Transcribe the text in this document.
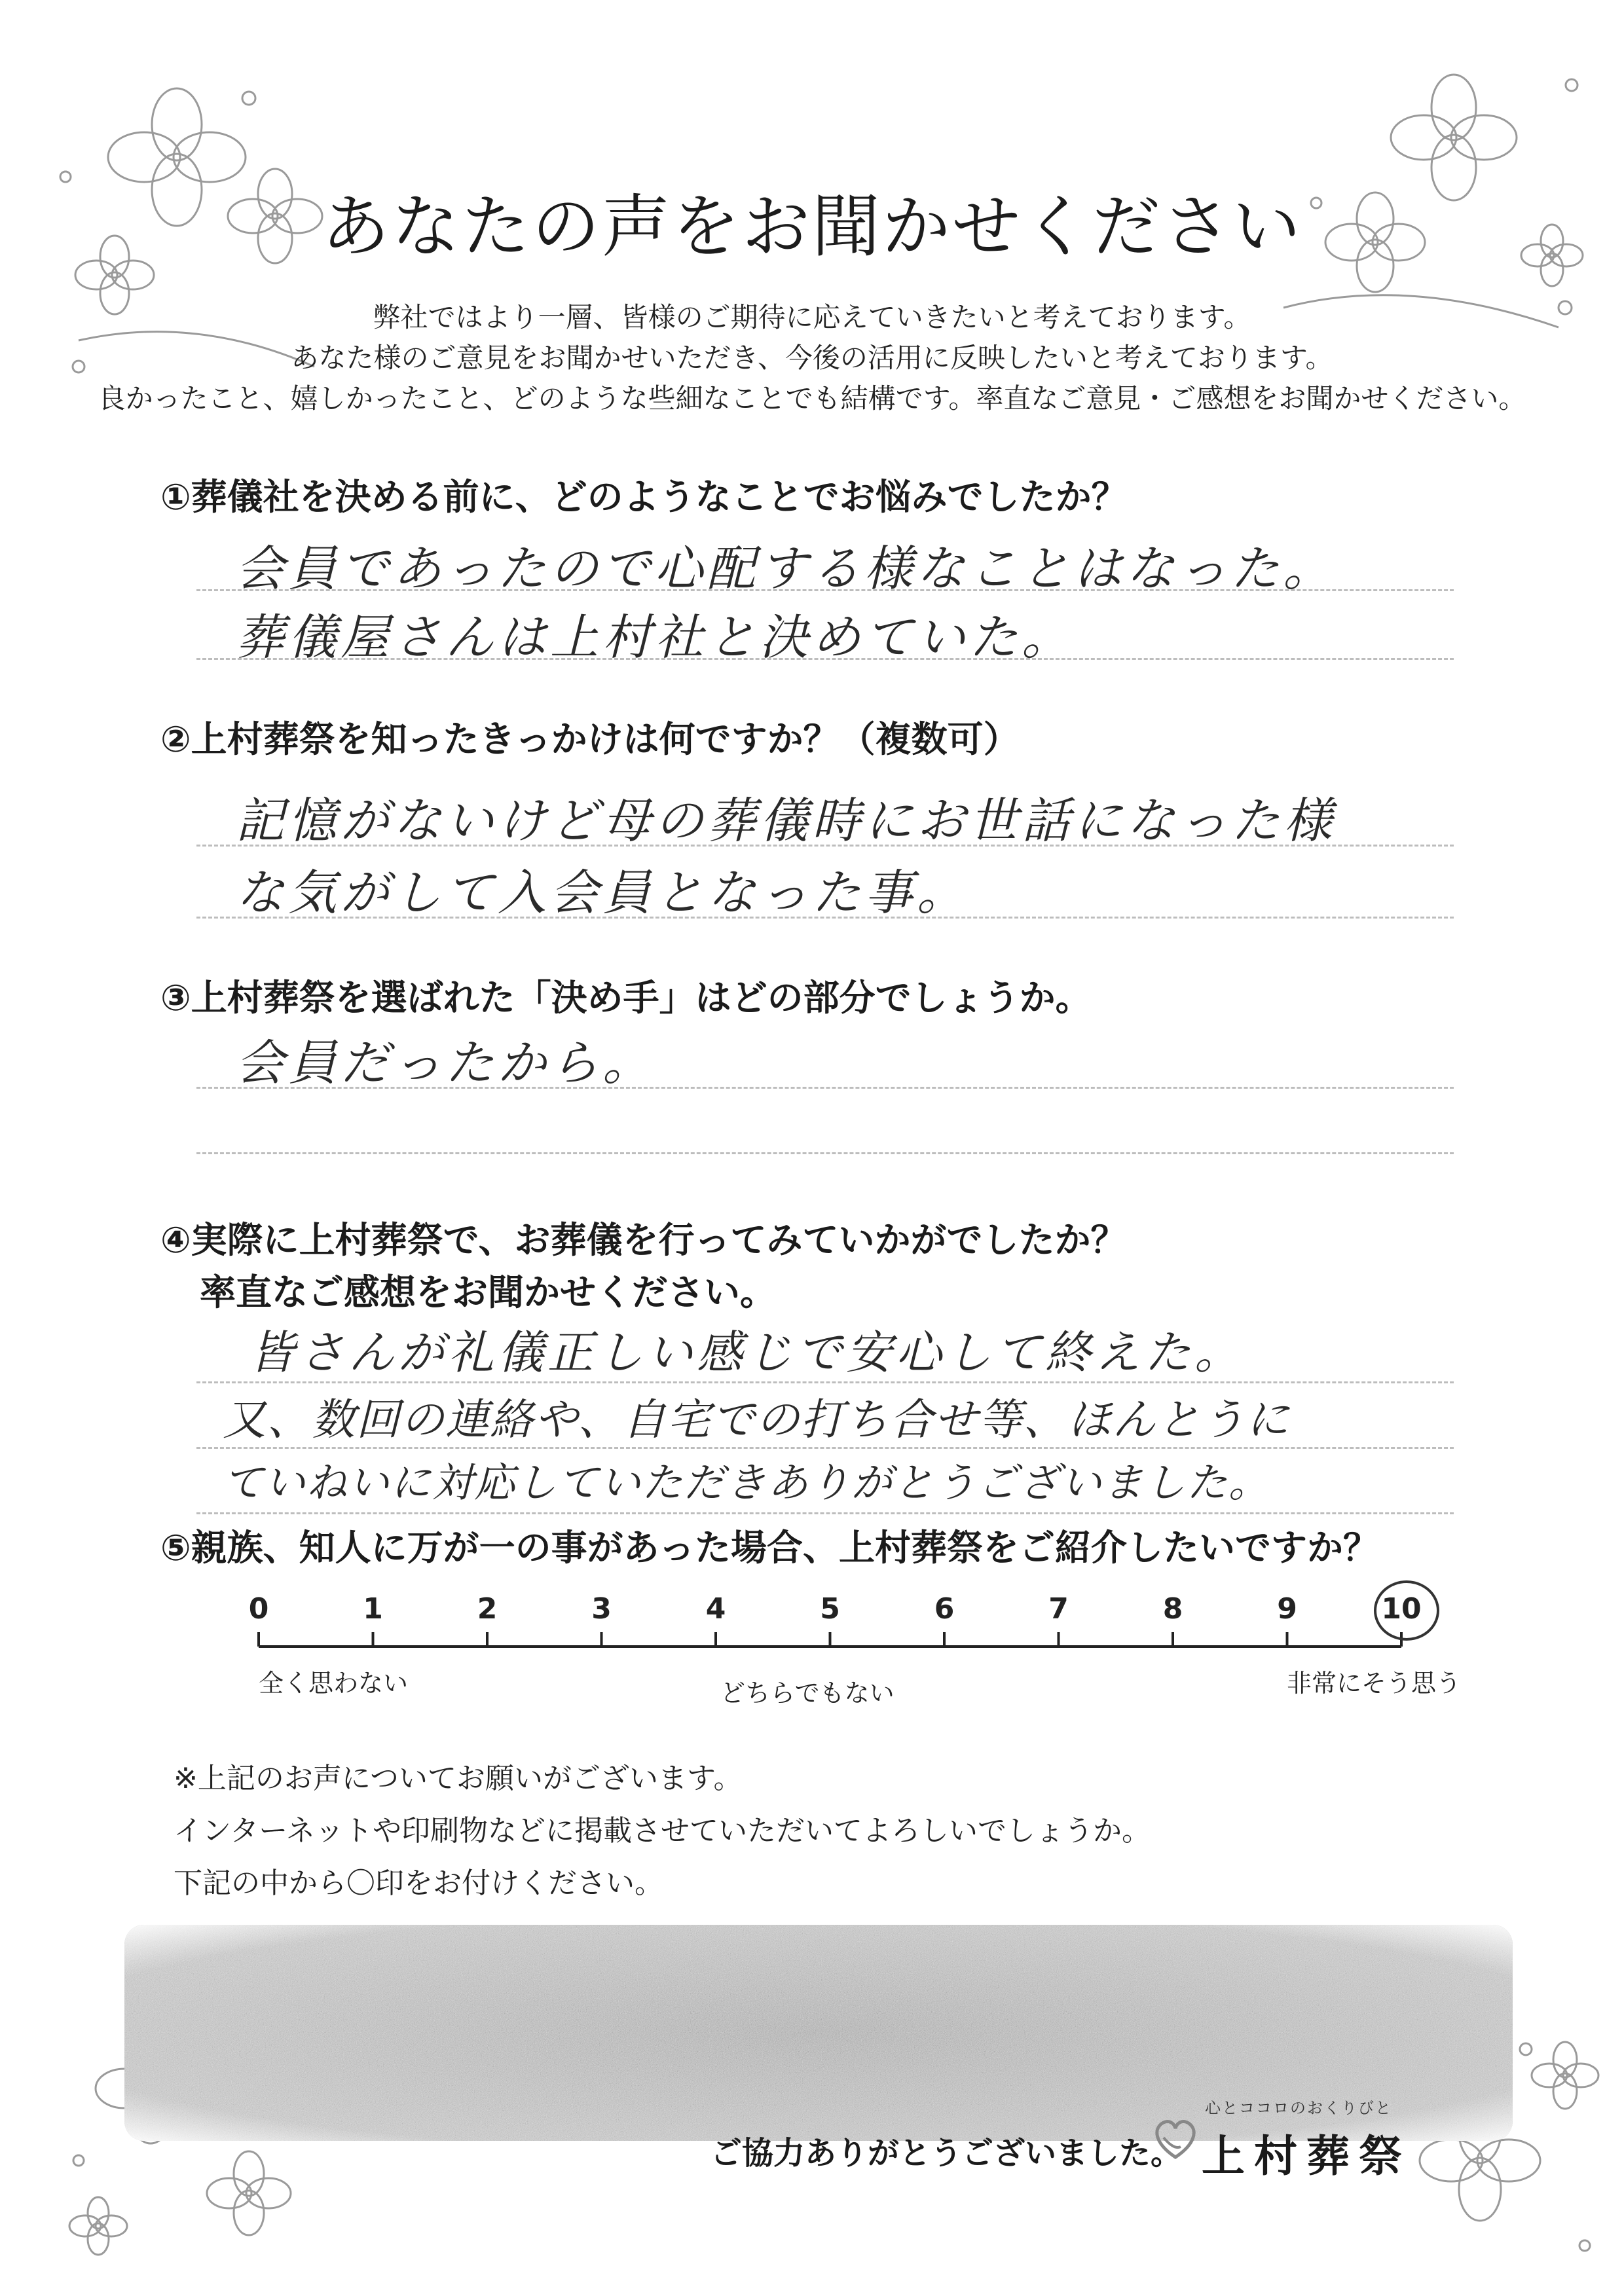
あなたの声をお聞かせください
弊社ではより一層、皆様のご期待に応えていきたいと考えております。
あなた様のご意見をお聞かせいただき、今後の活用に反映したいと考えております。
良かったこと、嬉しかったこと、どのような些細なことでも結構です。率直なご意見・ご感想をお聞かせください。
①葬儀社を決める前に、どのようなことでお悩みでしたか？
会員であったので心配する様なことはなった。
葬儀屋さんは上村社と決めていた。
②上村葬祭を知ったきっかけは何ですか？（複数可）
記憶がないけど母の葬儀時にお世話になった様
な気がして入会員となった事。
③上村葬祭を選ばれた「決め手」はどの部分でしょうか。
会員だったから。
④実際に上村葬祭で、お葬儀を行ってみていかがでしたか？
率直なご感想をお聞かせください。
皆さんが礼儀正しい感じで安心して終えた。
又、数回の連絡や、自宅での打ち合せ等、ほんとうに
ていねいに対応していただきありがとうございました。
⑤親族、知人に万が一の事があった場合、上村葬祭をご紹介したいですか？
0	1	2	3	4	5	6	7	8	9	10
全く思わない	どちらでもない	非常にそう思う
※上記のお声についてお願いがございます。
インターネットや印刷物などに掲載させていただいてよろしいでしょうか。
下記の中から〇印をお付けください。
ご協力ありがとうございました。
心とココロのおくりびと
上村葬祭
